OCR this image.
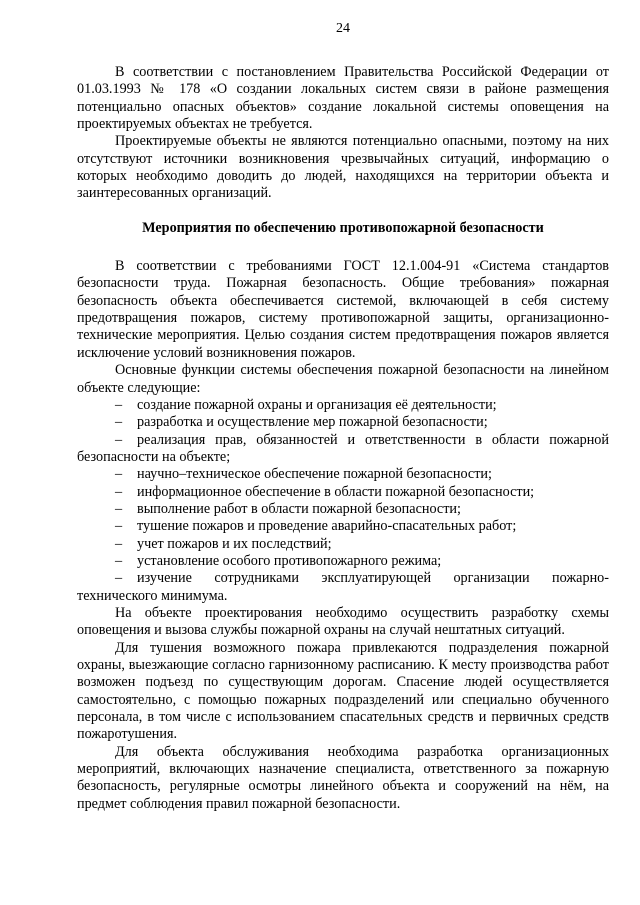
24

В соответствии с постановлением Правительства Российской Федерации от 01.03.1993 № 178 «О создании локальных систем связи в районе размещения потенциально опасных объектов» создание локальной системы оповещения на проектируемых объектах не требуется.

Проектируемые объекты не являются потенциально опасными, поэтому на них отсутствуют источники возникновения чрезвычайных ситуаций, информацию о которых необходимо доводить до людей, находящихся на территории объекта и заинтересованных организаций.

Мероприятия по обеспечению противопожарной безопасности

В соответствии с требованиями ГОСТ 12.1.004-91 «Система стандартов безопасности труда. Пожарная безопасность. Общие требования» пожарная безопасность объекта обеспечивается системой, включающей в себя систему предотвращения пожаров, систему противопожарной защиты, организационно-технические мероприятия. Целью создания систем предотвращения пожаров является исключение условий возникновения пожаров.

Основные функции системы обеспечения пожарной безопасности на линейном объекте следующие:

– создание пожарной охраны и организация её деятельности;
– разработка и осуществление мер пожарной безопасности;
– реализация прав, обязанностей и ответственности в области пожарной безопасности на объекте;
– научно–техническое обеспечение пожарной безопасности;
– информационное обеспечение в области пожарной безопасности;
– выполнение работ в области пожарной безопасности;
– тушение пожаров и проведение аварийно-спасательных работ;
– учет пожаров и их последствий;
– установление особого противопожарного режима;
– изучение сотрудниками эксплуатирующей организации пожарно-технического минимума.

На объекте проектирования необходимо осуществить разработку схемы оповещения и вызова службы пожарной охраны на случай нештатных ситуаций.

Для тушения возможного пожара привлекаются подразделения пожарной охраны, выезжающие согласно гарнизонному расписанию. К месту производства работ возможен подъезд по существующим дорогам. Спасение людей осуществляется самостоятельно, с помощью пожарных подразделений или специально обученного персонала, в том числе с использованием спасательных средств и первичных средств пожаротушения.

Для объекта обслуживания необходима разработка организационных мероприятий, включающих назначение специалиста, ответственного за пожарную безопасность, регулярные осмотры линейного объекта и сооружений на нём, на предмет соблюдения правил пожарной безопасности.
